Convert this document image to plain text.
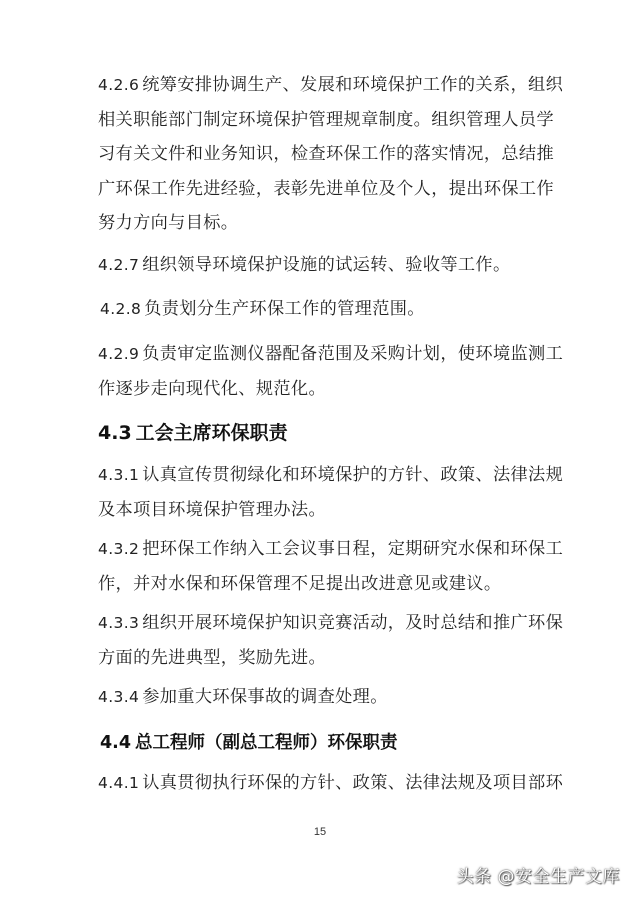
4.2.6 统筹安排协调生产、发展和环境保护工作的关系，组织相关职能部门制定环境保护管理规章制度。组织管理人员学习有关文件和业务知识，检查环保工作的落实情况，总结推广环保工作先进经验，表彰先进单位及个人，提出环保工作努力方向与目标。

4.2.7 组织领导环境保护设施的试运转、验收等工作。

4.2.8 负责划分生产环保工作的管理范围。

4.2.9 负责审定监测仪器配备范围及采购计划，使环境监测工作逐步走向现代化、规范化。

4.3 工会主席环保职责

4.3.1 认真宣传贯彻绿化和环境保护的方针、政策、法律法规及本项目环境保护管理办法。

4.3.2 把环保工作纳入工会议事日程，定期研究水保和环保工作，并对水保和环保管理不足提出改进意见或建议。

4.3.3 组织开展环境保护知识竞赛活动，及时总结和推广环保方面的先进典型，奖励先进。

4.3.4 参加重大环保事故的调查处理。

4.4 总工程师（副总工程师）环保职责

4.4.1 认真贯彻执行环保的方针、政策、法律法规及项目部环

15
头条 @安全生产文库
